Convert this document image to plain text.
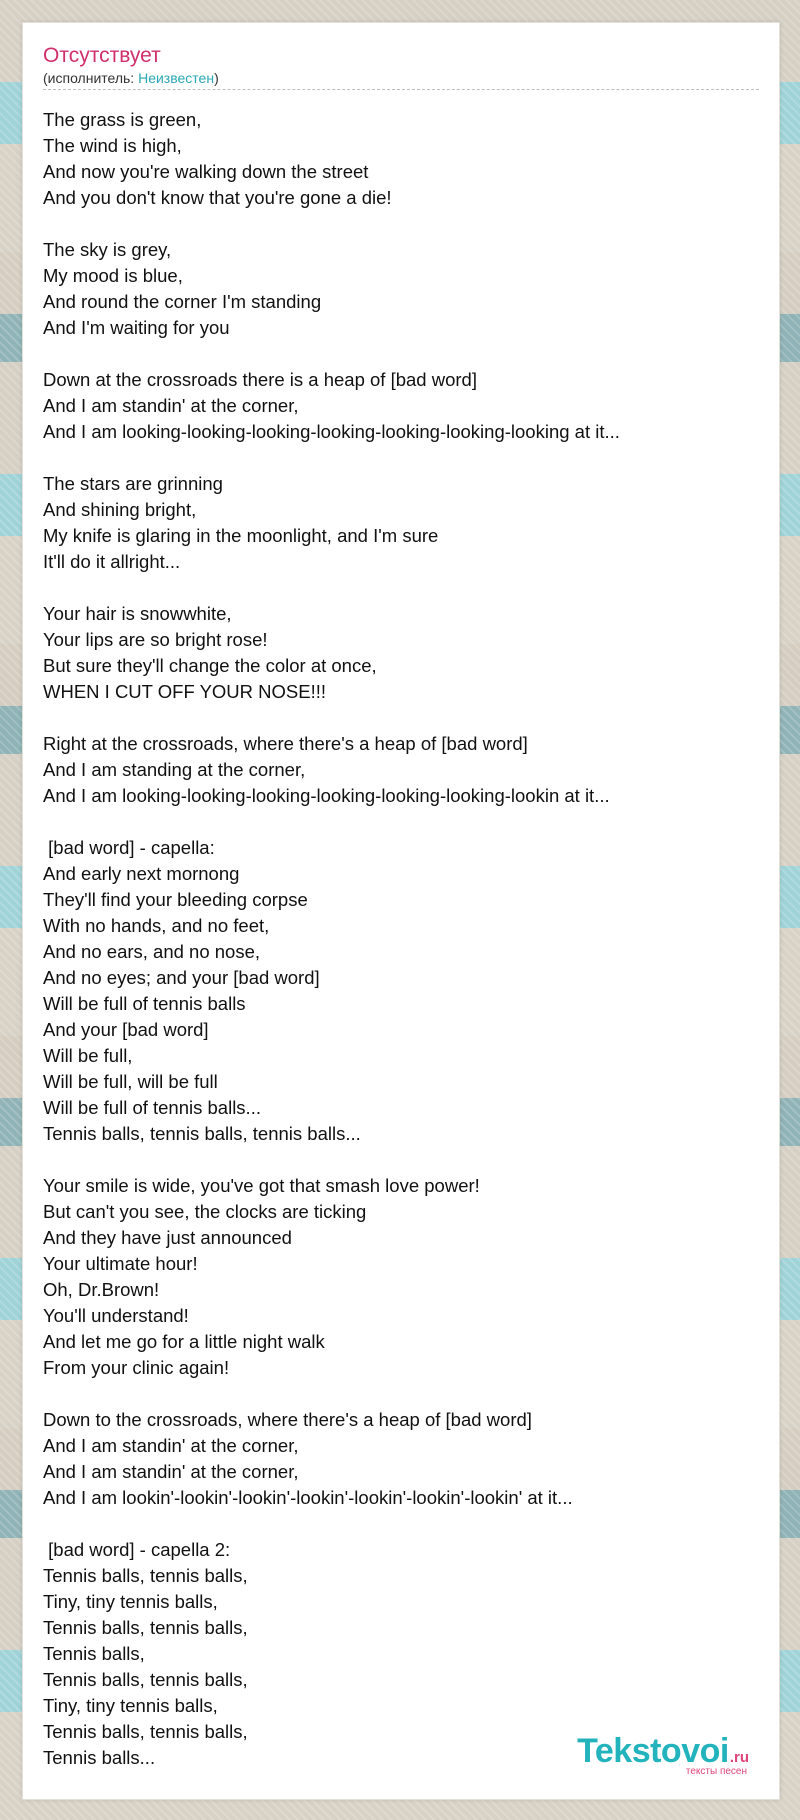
Отсутствует
(исполнитель: Неизвестен)
The grass is green,
The wind is high,
And now you're walking down the street
And you don't know that you're gone a die!
The sky is grey,
My mood is blue,
And round the corner I'm standing
And I'm waiting for you
Down at the crossroads there is a heap of [bad word]
And I am standin' at the corner,
And I am looking-looking-looking-looking-looking-looking-looking at it...
The stars are grinning
And shining bright,
My knife is glaring in the moonlight, and I'm sure
It'll do it allright...
Your hair is snowwhite,
Your lips are so bright rose!
But sure they'll change the color at once,
WHEN I CUT OFF YOUR NOSE!!!
Right at the crossroads, where there's a heap of [bad word]
And I am standing at the corner,
And I am looking-looking-looking-looking-looking-looking-lookin at it...
[bad word] - capella:
And early next mornong
They'll find your bleeding corpse
With no hands, and no feet,
And no ears, and no nose,
And no eyes; and your [bad word]
Will be full of tennis balls
And your [bad word]
Will be full,
Will be full, will be full
Will be full of tennis balls...
Tennis balls, tennis balls, tennis balls...
Your smile is wide, you've got that smash love power!
But can't you see, the clocks are ticking
And they have just announced
Your ultimate hour!
Oh, Dr.Brown!
You'll understand!
And let me go for a little night walk
From your clinic again!
Down to the crossroads, where there's a heap of [bad word]
And I am standin' at the corner,
And I am standin' at the corner,
And I am lookin'-lookin'-lookin'-lookin'-lookin'-lookin'-lookin' at it...
[bad word] - capella 2:
Tennis balls, tennis balls,
Tiny, tiny tennis balls,
Tennis balls, tennis balls,
Tennis balls,
Tennis balls, tennis balls,
Tiny, tiny tennis balls,
Tennis balls, tennis balls,
Tennis balls...	Tekstovoi.ru
тексты песен
